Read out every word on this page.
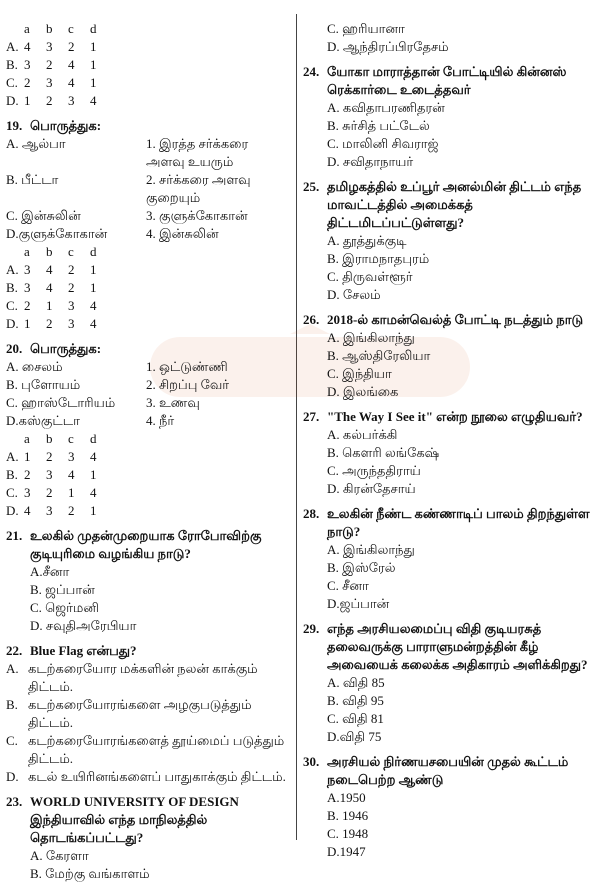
a	b	c	d
A. 4	3	2	1
B. 3	2	4	1
C. 2	3	4	1
D. 1	2	3	4
19. பொருத்துக:
A. ஆல்பா	1. இரத்த சர்க்கரை அளவு உயரும்
B. பீட்டா	2. சர்க்கரை அளவு குறையும்
C. இன்சுலின்	3. குளுக்கோகான்
D.குளுக்கோகான்	4. இன்சுலின்
a	b	c	d
A. 3	4	2	1
B. 3	4	2	1
C. 2	1	3	4
D. 1	2	3	4
20. பொருத்துக:
A. சைலம்	1. ஒட்டுண்ணி
B. புளோயம்	2. சிறப்பு வேர்
C. ஹாஸ்டோரியம்	3. உணவு
D.கஸ்குட்டா	4. நீர்
a	b	c	d
A. 1	2	3	4
B. 2	3	4	1
C. 3	2	1	4
D. 4	3	2	1
21. உலகில் முதன்முறையாக ரோபோவிற்கு குடியுரிமை வழங்கிய நாடு?
A.சீனா
B. ஜப்பான்
C. ஜெர்மனி
D. சவுதிஅரேபியா
22. Blue Flag என்பது?
A. கடற்கரையோர மக்களின் நலன் காக்கும் திட்டம்.
B. கடற்கரையோரங்களை அழகுபடுத்தும் திட்டம்.
C. கடற்கரையோரங்களைத் தூய்மைப் படுத்தும் திட்டம்.
D. கடல் உயிரினங்களைப் பாதுகாக்கும் திட்டம்.
23. WORLD UNIVERSITY OF DESIGN இந்தியாவில் எந்த மாநிலத்தில் தொடங்கப்பட்டது?
A. கேரளா
B. மேற்கு வங்காளம்
C. ஹரியானா
D. ஆந்திரப்பிரதேசம்
24. யோகா மாராத்தான் போட்டியில் கின்னஸ் ரெக்கார்டை உடைத்தவர்
A. கவிதாபரணிதரன்
B. சுர்சித் பட்டேல்
C. மாலினி சிவராஜ்
D. சவிதாநாயர்
25. தமிழகத்தில் உப்பூர் அனல்மின் திட்டம் எந்த மாவட்டத்தில் அமைக்கத் திட்டமிடப்பட்டுள்ளது?
A. தூத்துக்குடி
B. இராமநாதபுரம்
C. திருவள்ளூர்
D. சேலம்
26. 2018-ல் காமன்வெல்த் போட்டி நடத்தும் நாடு
A. இங்கிலாந்து
B. ஆஸ்திரேலியா
C. இந்தியா
D. இலங்கை
27. "The Way I See it" என்ற நூலை எழுதியவர்?
A. கல்பர்க்கி
B. கௌரி லங்கேஷ்
C. அருந்ததிராய்
D. கிரன்தேசாய்
28. உலகின் நீண்ட கண்ணாடிப் பாலம் திறந்துள்ள நாடு?
A. இங்கிலாந்து
B. இஸ்ரேல்
C. சீனா
D.ஜப்பான்
29. எந்த அரசியலமைப்பு விதி குடியரசுத் தலைவருக்கு பாராளுமன்றத்தின் கீழ் அவையைக் கலைக்க அதிகாரம் அளிக்கிறது?
A. விதி 85
B. விதி 95
C. விதி 81
D.விதி 75
30. அரசியல் நிர்ணயசபையின் முதல் கூட்டம் நடைபெற்ற ஆண்டு
A.1950
B. 1946
C. 1948
D.1947
